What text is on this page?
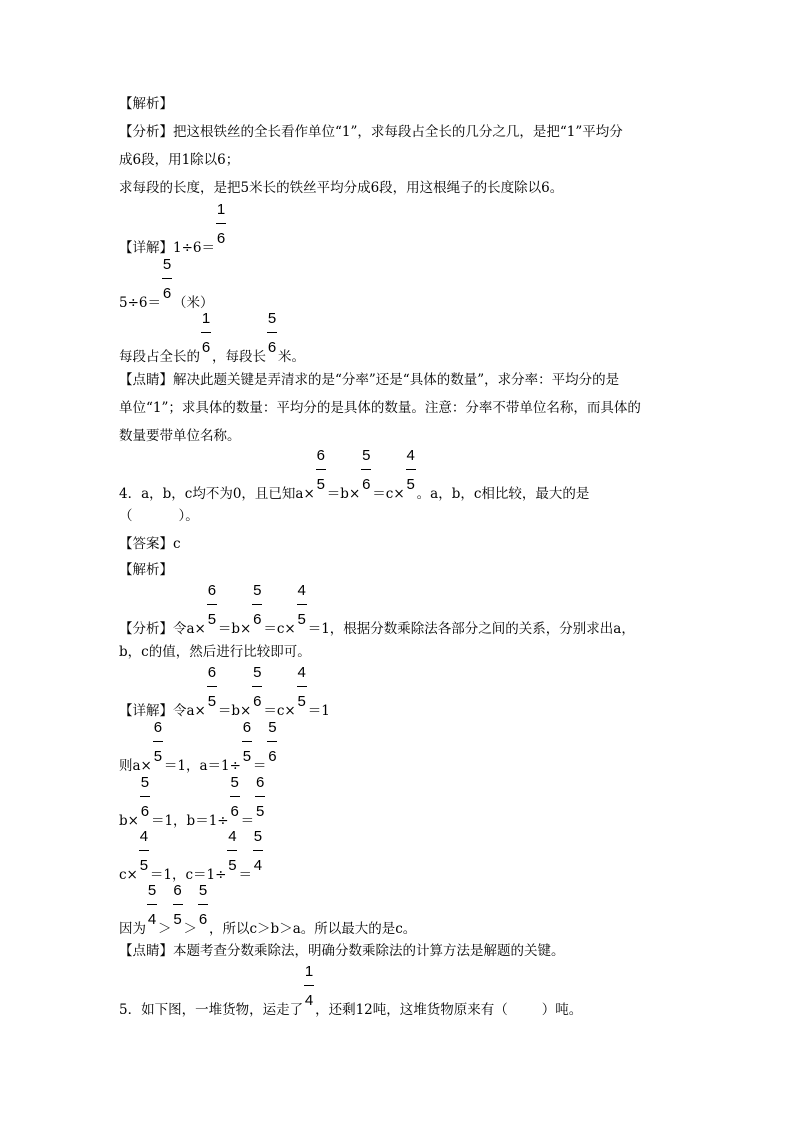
【解析】
【分析】把这根铁丝的全长看作单位“1”，求每段占全长的几分之几，是把“1”平均分
成6段，用1除以6；
求每段的长度，是把5米长的铁丝平均分成6段，用这根绳子的长度除以6。
【详解】$1\div 6= \frac{1}{6}$
$5\div 6= \frac{5}{6}$ （米）
每段占全长的 $\frac{1}{6}$ ，每段长 $\frac{5}{6}$ 米。
【点睛】解决此题关键是弄清求的是“分率”还是“具体的数量”，求分率：平均分的是
单位“1”；求具体的数量：平均分的是具体的数量。注意：分率不带单位名称，而具体的
数量要带单位名称。
4．a，b，c均不为0，且已知$a\times \frac{6}{5} =b\times \frac{5}{6} =c\times \frac{4}{5}$ 。a，b，c相比较，最大的是
（	）。
【答案】c
【解析】
【分析】令$a\times \frac{6}{5} =b\times \frac{5}{6} =c\times \frac{4}{5} =1$，根据分数乘除法各部分之间的关系，分别求出a，
b，c的值，然后进行比较即可。
【详解】令$a\times \frac{6}{5} =b\times \frac{5}{6} =c\times \frac{4}{5} =1$
则$a\times \frac{6}{5} =1$，$a=1\div \frac{6}{5} = \frac{5}{6}$
$b\times \frac{5}{6} =1$，$b=1\div \frac{5}{6} = \frac{6}{5}$
$c\times \frac{4}{5} =1$，$c=1\div \frac{4}{5} = \frac{5}{4}$
因为 $\frac{5}{4} > \frac{6}{5} > \frac{5}{6}$ ，所以c＞b＞a。所以最大的是c。
【点睛】本题考查分数乘除法，明确分数乘除法的计算方法是解题的关键。
5．如下图，一堆货物，运走了 $\frac{1}{4}$ ，还剩12吨，这堆货物原来有（	）吨。
